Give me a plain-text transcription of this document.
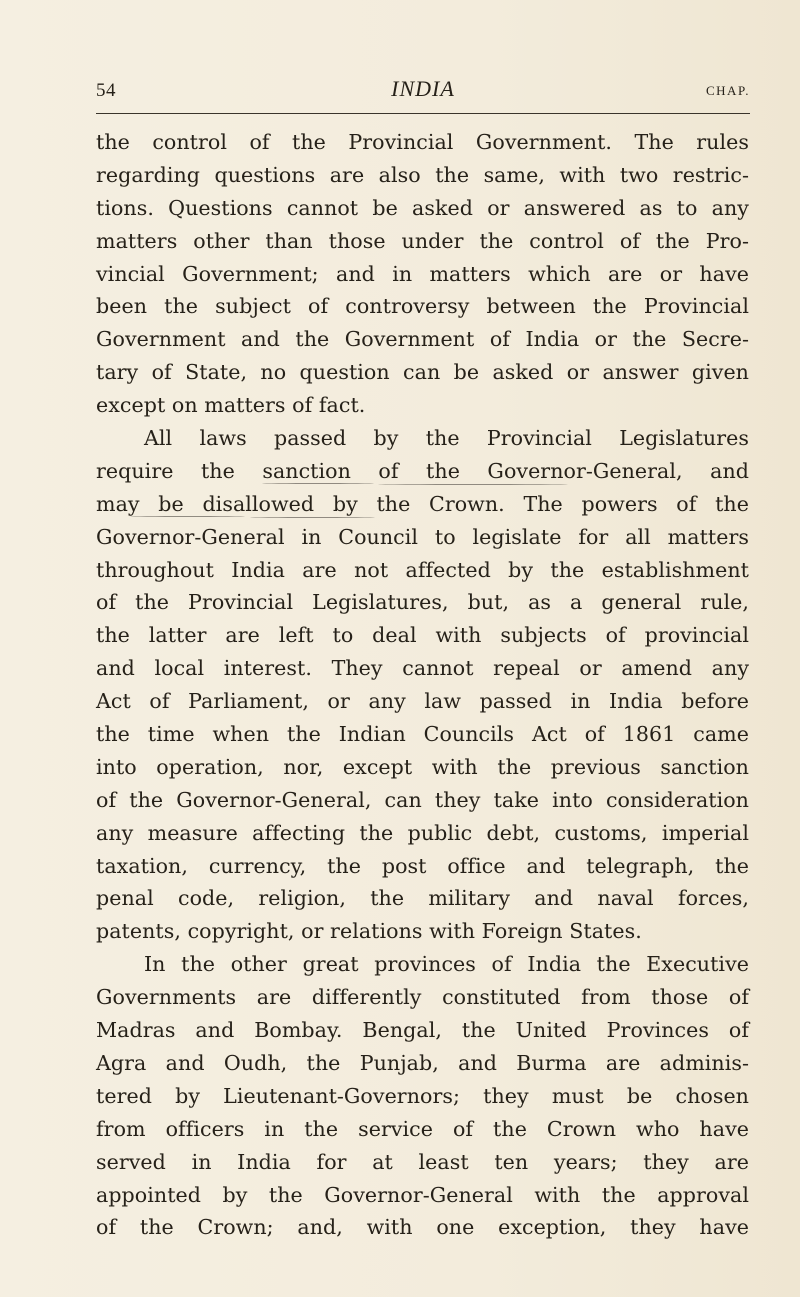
54	INDIA	CHAP.
the control of the Provincial Government. The rules
regarding questions are also the same, with two restric-
tions. Questions cannot be asked or answered as to any
matters other than those under the control of the Pro-
vincial Government; and in matters which are or have
been the subject of controversy between the Provincial
Government and the Government of India or the Secre-
tary of State, no question can be asked or answer given
except on matters of fact.
All laws passed by the Provincial Legislatures
require the sanction of the Governor-General, and
may be disallowed by the Crown. The powers of the
Governor-General in Council to legislate for all matters
throughout India are not affected by the establishment
of the Provincial Legislatures, but, as a general rule,
the latter are left to deal with subjects of provincial
and local interest. They cannot repeal or amend any
Act of Parliament, or any law passed in India before
the time when the Indian Councils Act of 1861 came
into operation, nor, except with the previous sanction
of the Governor-General, can they take into consideration
any measure affecting the public debt, customs, imperial
taxation, currency, the post office and telegraph, the
penal code, religion, the military and naval forces,
patents, copyright, or relations with Foreign States.
In the other great provinces of India the Executive
Governments are differently constituted from those of
Madras and Bombay. Bengal, the United Provinces of
Agra and Oudh, the Punjab, and Burma are adminis-
tered by Lieutenant-Governors; they must be chosen
from officers in the service of the Crown who have
served in India for at least ten years; they are
appointed by the Governor-General with the approval
of the Crown; and, with one exception, they have
